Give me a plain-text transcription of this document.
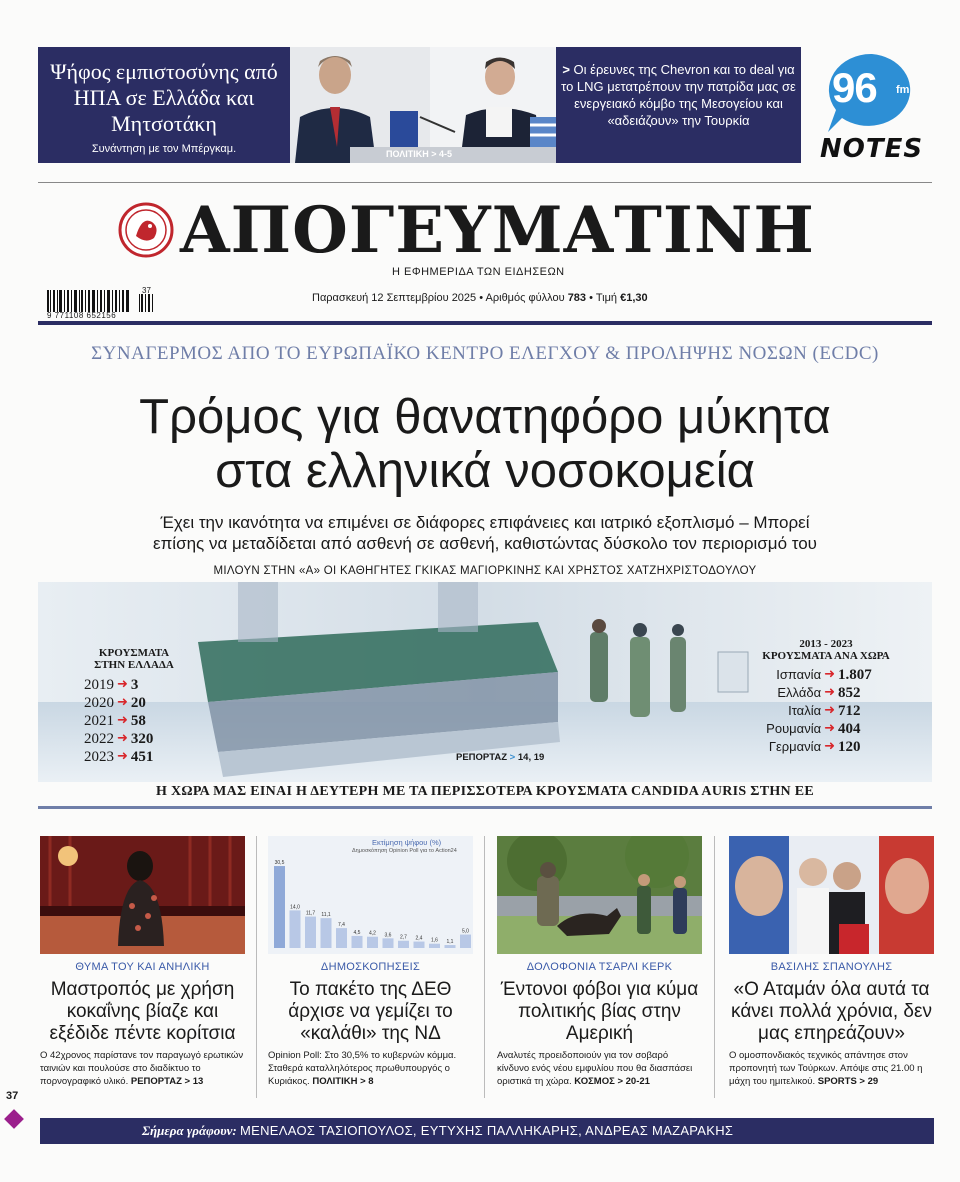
Ψήφος εμπιστοσύνης από ΗΠΑ σε Ελλάδα και Μητσοτάκη
Συνάντηση με τον Μπέργκαμ.	ΠΟΛΙΤΙΚΗ > 4-5
> Οι έρευνες της Chevron και το deal για το LNG μετατρέπουν την πατρίδα μας σε ενεργειακό κόμβο της Μεσογείου και «αδειάζουν» την Τουρκία
96 fm
NOTES
ΑΠΟΓΕΥΜΑΤΙΝΗ
Η ΕΦΗΜΕΡΙΔΑ ΤΩΝ ΕΙΔΗΣΕΩΝ
9 771108 652156
37
Παρασκευή 12 Σεπτεμβρίου 2025 • Αριθμός φύλλου 783 • Τιμή €1,30
ΣΥΝΑΓΕΡΜΟΣ ΑΠΟ ΤΟ ΕΥΡΩΠΑΪΚΟ ΚΕΝΤΡΟ ΕΛΕΓΧΟΥ & ΠΡΟΛΗΨΗΣ ΝΟΣΩΝ (ECDC)
Τρόμος για θανατηφόρο μύκητα
στα ελληνικά νοσοκομεία
Έχει την ικανότητα να επιμένει σε διάφορες επιφάνειες και ιατρικό εξοπλισμό – Μπορεί
επίσης να μεταδίδεται από ασθενή σε ασθενή, καθιστώντας δύσκολο τον περιορισμό του
ΜΙΛΟΥΝ ΣΤΗΝ «Α» ΟΙ ΚΑΘΗΓΗΤΕΣ ΓΚΙΚΑΣ ΜΑΓΙΟΡΚΙΝΗΣ ΚΑΙ ΧΡΗΣΤΟΣ ΧΑΤΖΗΧΡΙΣΤΟΔΟΥΛΟΥ
ΚΡΟΥΣΜΑΤΑ
ΣΤΗΝ ΕΛΛΑΔΑ
2019 ➜ 3
2020 ➜ 20
2021 ➜ 58
2022 ➜ 320
2023 ➜ 451
2013 - 2023
ΚΡΟΥΣΜΑΤΑ ΑΝΑ ΧΩΡΑ
Ισπανία ➜ 1.807
Ελλάδα ➜ 852
Ιταλία ➜ 712
Ρουμανία ➜ 404
Γερμανία ➜ 120
ΡΕΠΟΡΤΑΖ > 14, 19
Η ΧΩΡΑ ΜΑΣ ΕΙΝΑΙ Η ΔΕΥΤΕΡΗ ΜΕ ΤΑ ΠΕΡΙΣΣΟΤΕΡΑ ΚΡΟΥΣΜΑΤΑ CANDIDA AURIS ΣΤΗΝ ΕΕ
ΘΥΜΑ ΤΟΥ ΚΑΙ ΑΝΗΛΙΚΗ
Μαστροπός με χρήση κοκαΐνης βίαζε και εξέδιδε πέντε κορίτσια
Ο 42χρονος παρίστανε τον παραγωγό ερωτικών ταινιών και πουλούσε στο διαδίκτυο το πορνογραφικό υλικό. ΡΕΠΟΡΤΑΖ > 13
Εκτίμηση ψήφου (%)
Δημοσκόπηση Opinion Poll για το Action24
30,5
14,0
11,7 11,1
7,4
4,5 4,2 3,6 2,7 2,4 1,6 1,1
5,0
ΔΗΜΟΣΚΟΠΗΣΕΙΣ
Το πακέτο της ΔΕΘ άρχισε να γεμίζει το «καλάθι» της ΝΔ
Opinion Poll: Στο 30,5% το κυβερνών κόμμα. Σταθερά καταλληλότερος πρωθυπουργός ο Κυριάκος. ΠΟΛΙΤΙΚΗ > 8
ΔΟΛΟΦΟΝΙΑ ΤΣΑΡΛΙ ΚΕΡΚ
Έντονοι φόβοι για κύμα πολιτικής βίας στην Αμερική
Αναλυτές προειδοποιούν για τον σοβαρό κίνδυνο ενός νέου εμφυλίου που θα διασπάσει οριστικά τη χώρα. ΚΟΣΜΟΣ > 20-21
ΒΑΣΙΛΗΣ ΣΠΑΝΟΥΛΗΣ
«Ο Αταμάν όλα αυτά τα κάνει πολλά χρόνια, δεν μας επηρεάζουν»
Ο ομοσπονδιακός τεχνικός απάντησε στον προπονητή των Τούρκων. Απόψε στις 21.00 η μάχη του ημιτελικού. SPORTS > 29
37
Σήμερα γράφουν: ΜΕΝΕΛΑΟΣ ΤΑΣΙΟΠΟΥΛΟΣ, ΕΥΤΥΧΗΣ ΠΑΛΛΗΚΑΡΗΣ, ΑΝΔΡΕΑΣ ΜΑΖΑΡΑΚΗΣ
